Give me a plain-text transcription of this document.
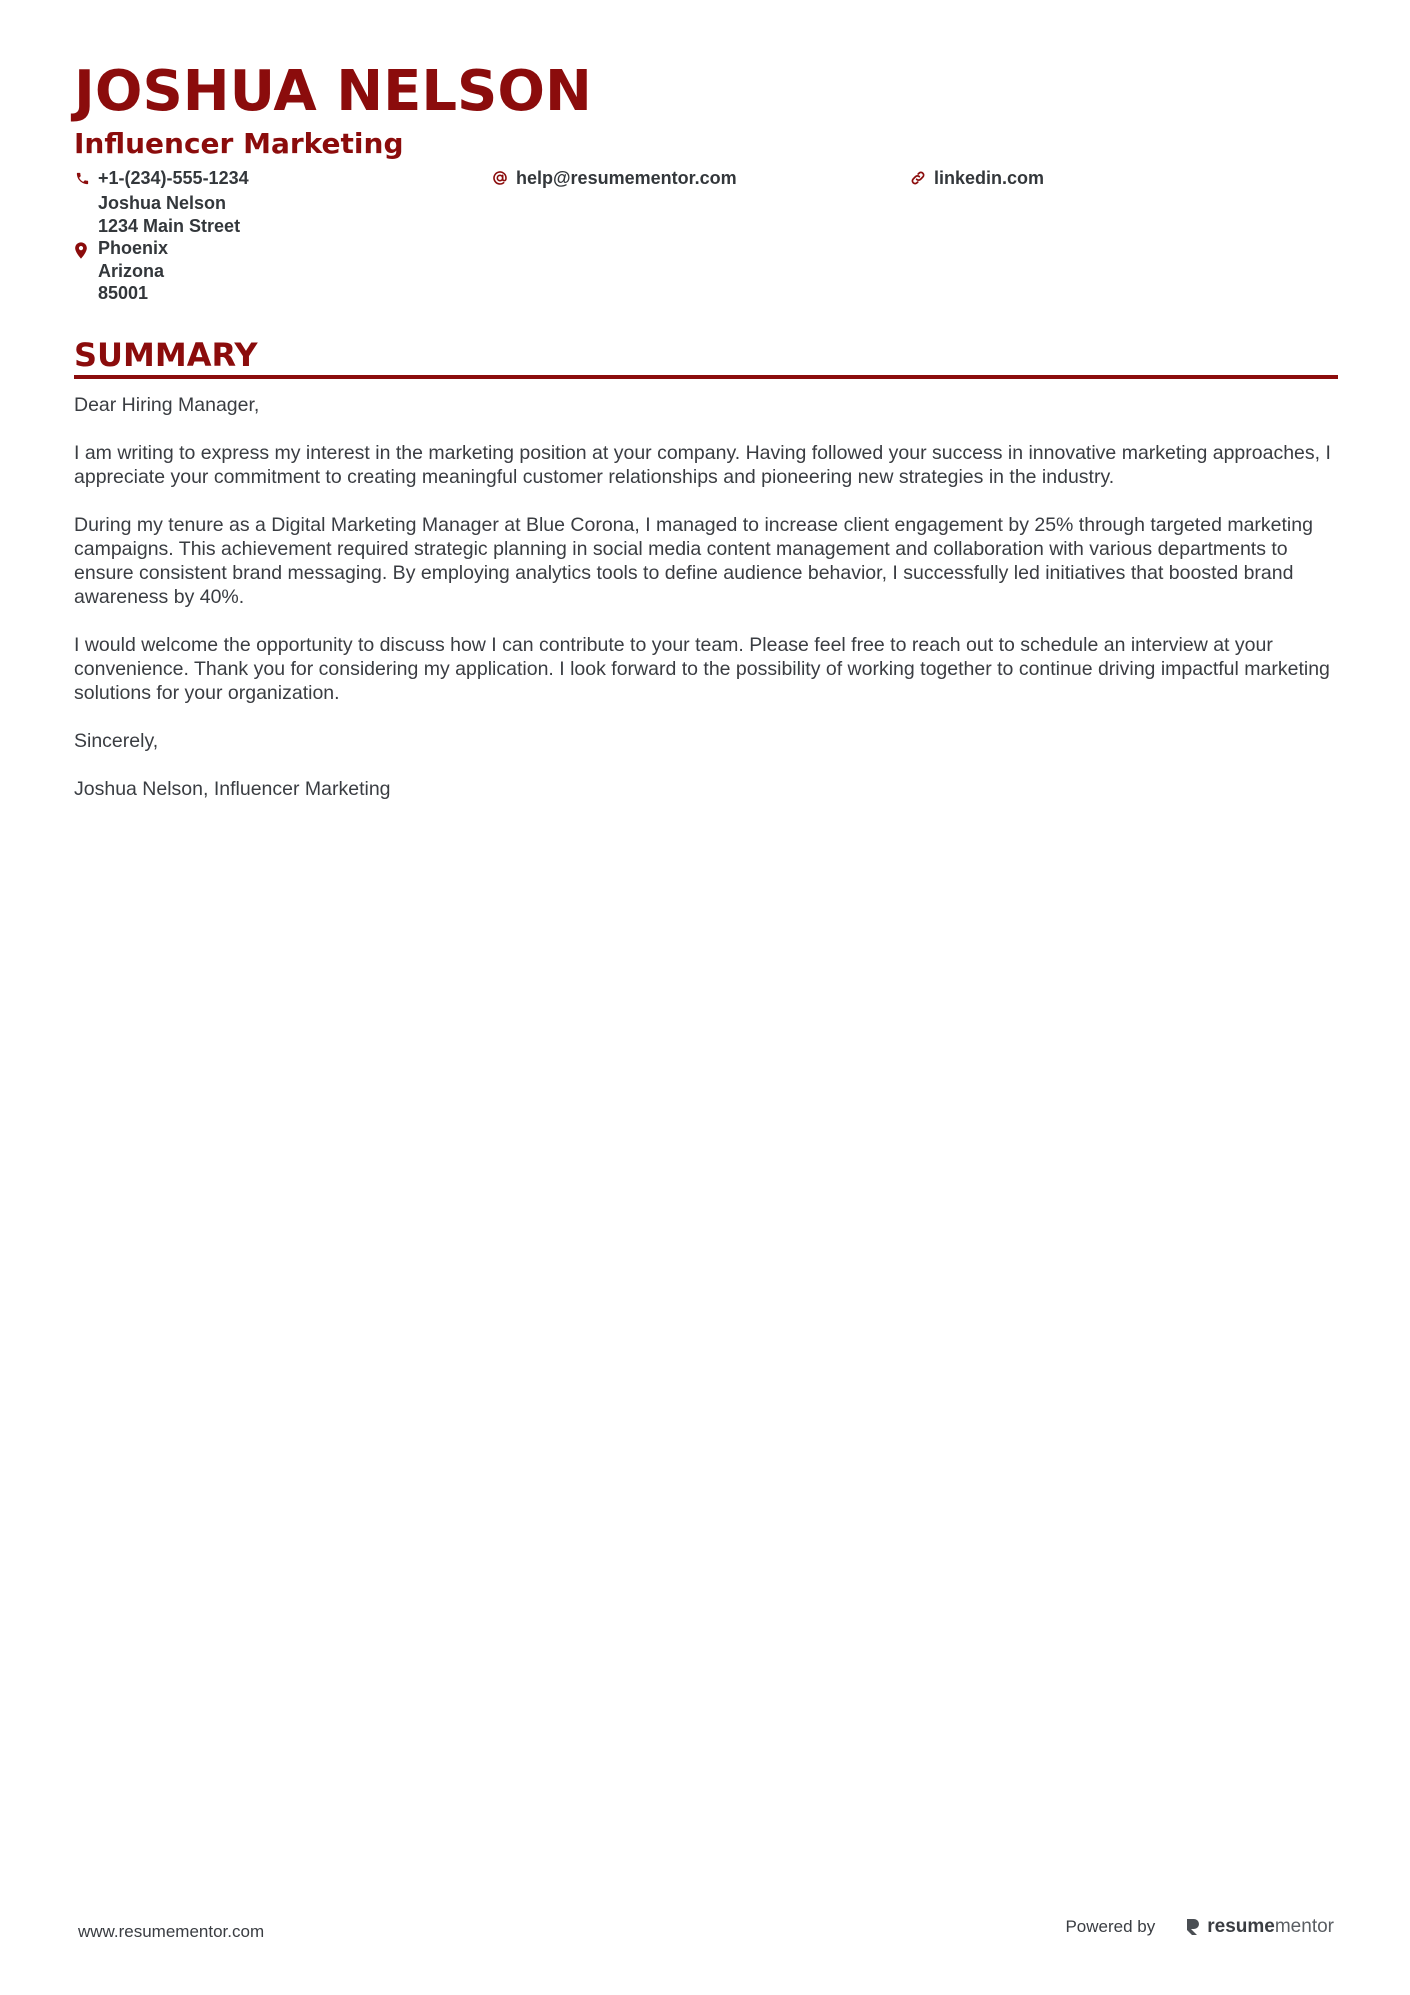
JOSHUA NELSON
Influencer Marketing
+1-(234)-555-1234	help@resumementor.com	linkedin.com
Joshua Nelson
1234 Main Street
Phoenix
Arizona
85001
SUMMARY

Dear Hiring Manager,

I am writing to express my interest in the marketing position at your company. Having followed your success in innovative marketing approaches, I appreciate your commitment to creating meaningful customer relationships and pioneering new strategies in the industry.

During my tenure as a Digital Marketing Manager at Blue Corona, I managed to increase client engagement by 25% through targeted marketing campaigns. This achievement required strategic planning in social media content management and collaboration with various departments to ensure consistent brand messaging. By employing analytics tools to define audience behavior, I successfully led initiatives that boosted brand awareness by 40%.

I would welcome the opportunity to discuss how I can contribute to your team. Please feel free to reach out to schedule an interview at your convenience. Thank you for considering my application. I look forward to the possibility of working together to continue driving impactful marketing solutions for your organization.

Sincerely,

Joshua Nelson, Influencer Marketing

www.resumementor.com	Powered by	resume mentor
